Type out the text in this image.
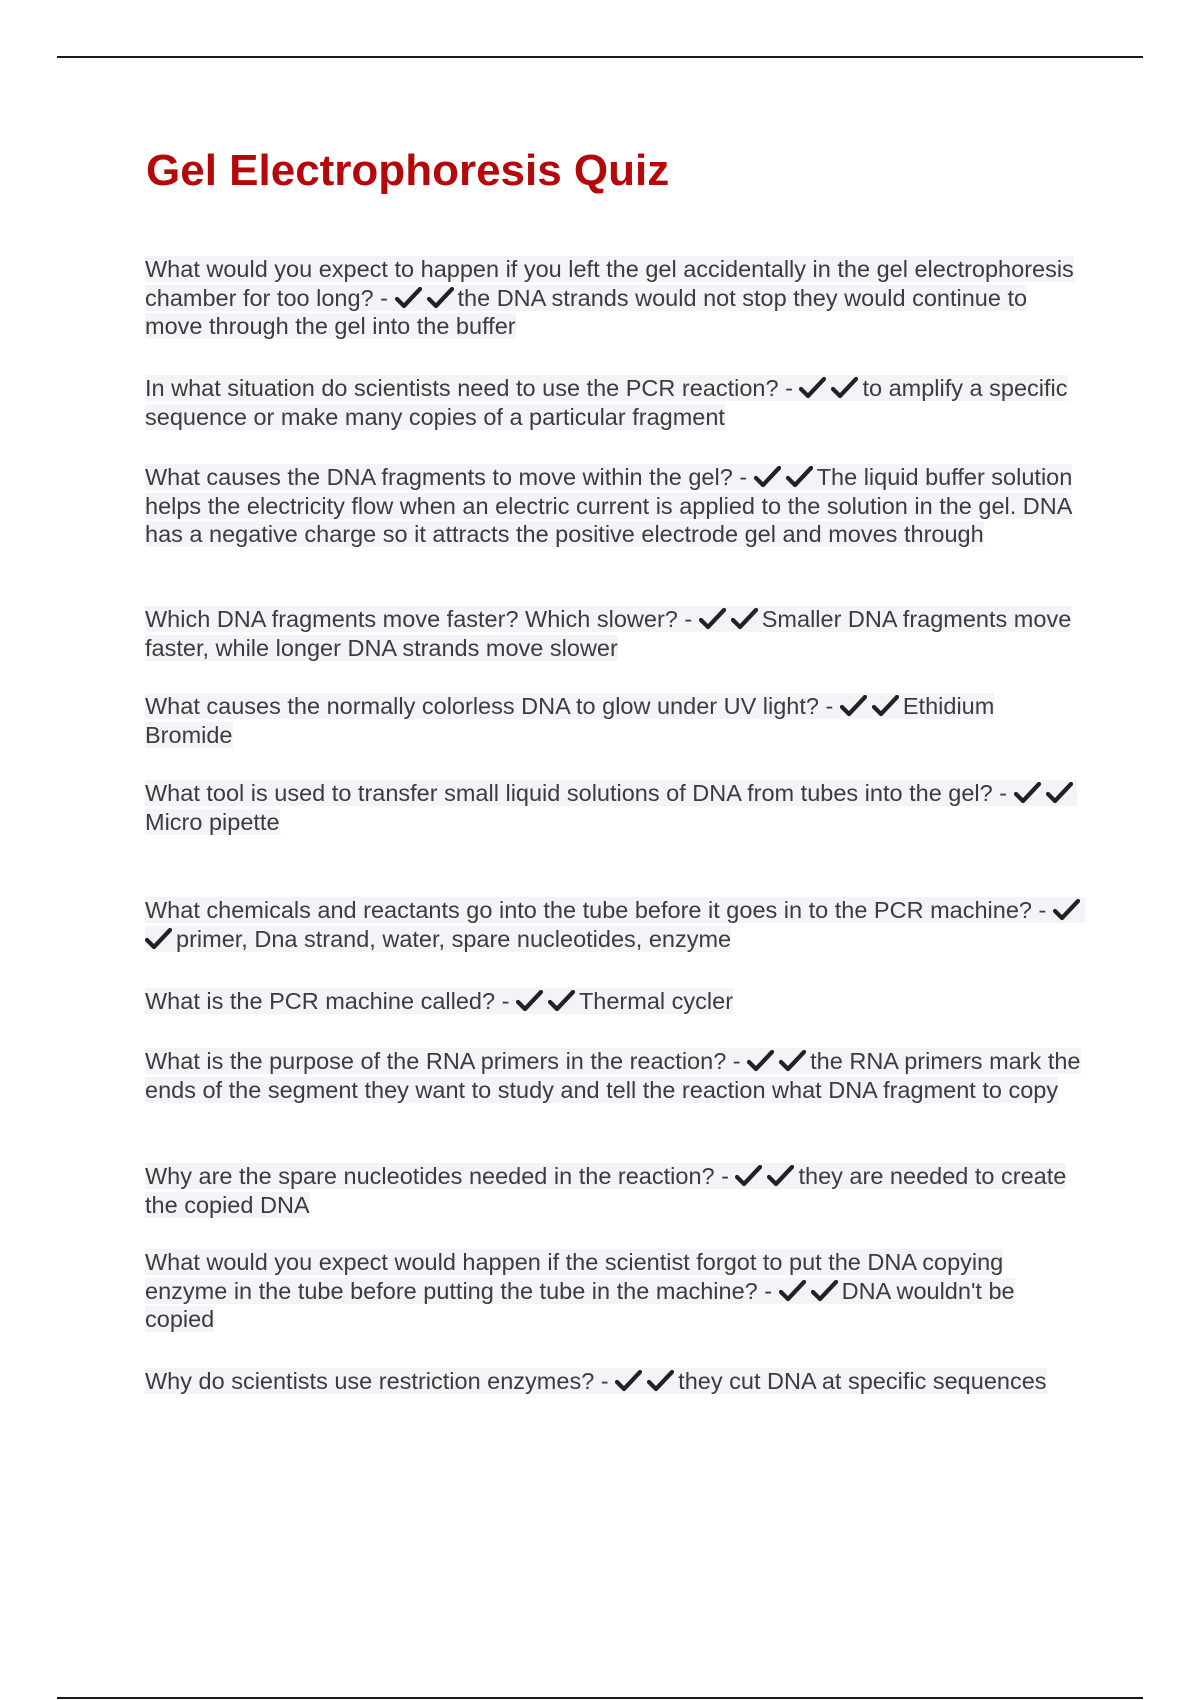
Gel Electrophoresis Quiz

What would you expect to happen if you left the gel accidentally in the gel electrophoresis chamber for too long? -	the DNA strands would not stop they would continue to move through the gel into the buffer

In what situation do scientists need to use the PCR reaction? -	to amplify a specific sequence or make many copies of a particular fragment

What causes the DNA fragments to move within the gel? -	The liquid buffer solution helps the electricity flow when an electric current is applied to the solution in the gel. DNA has a negative charge so it attracts the positive electrode gel and moves through

Which DNA fragments move faster? Which slower? -	Smaller DNA fragments move faster, while longer DNA strands move slower

What causes the normally colorless DNA to glow under UV light? -	Ethidium Bromide

What tool is used to transfer small liquid solutions of DNA from tubes into the gel? -
Micro pipette

What chemicals and reactants go into the tube before it goes in to the PCR machine? -
primer, Dna strand, water, spare nucleotides, enzyme

What is the PCR machine called? -	Thermal cycler

What is the purpose of the RNA primers in the reaction? -	the RNA primers mark the ends of the segment they want to study and tell the reaction what DNA fragment to copy

Why are the spare nucleotides needed in the reaction? -	they are needed to create the copied DNA

What would you expect would happen if the scientist forgot to put the DNA copying enzyme in the tube before putting the tube in the machine? -	DNA wouldn't be copied

Why do scientists use restriction enzymes? -	they cut DNA at specific sequences
